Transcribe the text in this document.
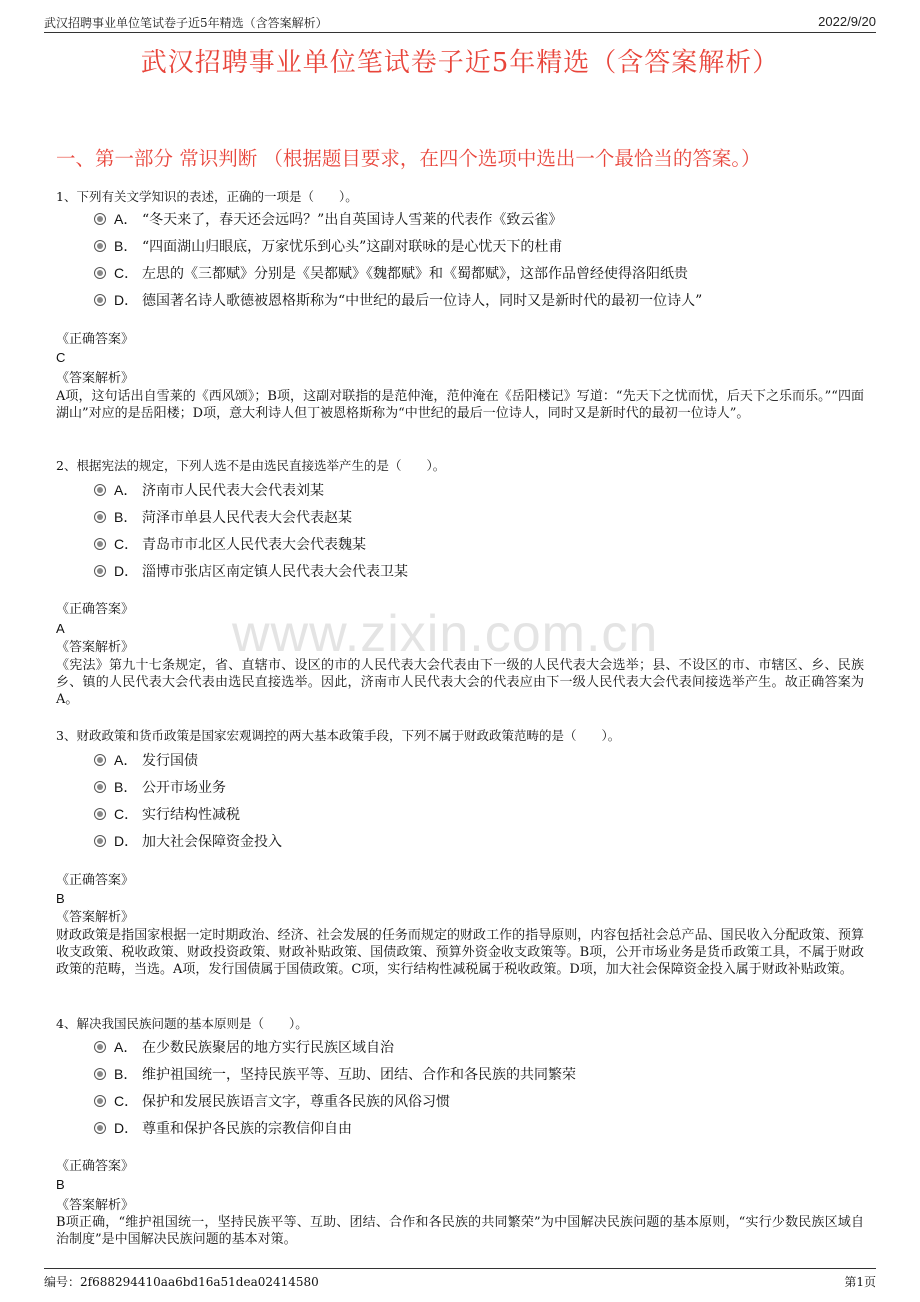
武汉招聘事业单位笔试卷子近5年精选（含答案解析）	2022/9/20
武汉招聘事业单位笔试卷子近5年精选（含答案解析）
一、第一部分 常识判断 （根据题目要求，在四个选项中选出一个最恰当的答案。）
www.zixin.com.cn
1、下列有关文学知识的表述，正确的一项是（　　）。
A． “冬天来了，春天还会远吗？”出自英国诗人雪莱的代表作《致云雀》
B． “四面湖山归眼底，万家忧乐到心头”这副对联咏的是心忧天下的杜甫
C． 左思的《三都赋》分别是《吴都赋》《魏都赋》和《蜀都赋》，这部作品曾经使得洛阳纸贵
D． 德国著名诗人歌德被恩格斯称为“中世纪的最后一位诗人，同时又是新时代的最初一位诗人”
《正确答案》
C
《答案解析》
A项，这句话出自雪莱的《西风颂》；B项，这副对联指的是范仲淹，范仲淹在《岳阳楼记》写道：“先天下之忧而忧，后天下之乐而乐。”“四面湖山”对应的是岳阳楼；D项，意大利诗人但丁被恩格斯称为“中世纪的最后一位诗人，同时又是新时代的最初一位诗人”。
2、根据宪法的规定，下列人选不是由选民直接选举产生的是（　　）。
A． 济南市人民代表大会代表刘某
B． 菏泽市单县人民代表大会代表赵某
C． 青岛市市北区人民代表大会代表魏某
D． 淄博市张店区南定镇人民代表大会代表卫某
《正确答案》
A
《答案解析》
《宪法》第九十七条规定，省、直辖市、设区的市的人民代表大会代表由下一级的人民代表大会选举；县、不设区的市、市辖区、乡、民族乡、镇的人民代表大会代表由选民直接选举。因此，济南市人民代表大会的代表应由下一级人民代表大会代表间接选举产生。故正确答案为A。
3、财政政策和货币政策是国家宏观调控的两大基本政策手段，下列不属于财政政策范畴的是（　　）。
A． 发行国债
B． 公开市场业务
C． 实行结构性减税
D． 加大社会保障资金投入
《正确答案》
B
《答案解析》
财政政策是指国家根据一定时期政治、经济、社会发展的任务而规定的财政工作的指导原则，内容包括社会总产品、国民收入分配政策、预算收支政策、税收政策、财政投资政策、财政补贴政策、国债政策、预算外资金收支政策等。B项，公开市场业务是货币政策工具，不属于财政政策的范畴，当选。A项，发行国债属于国债政策。C项，实行结构性减税属于税收政策。D项，加大社会保障资金投入属于财政补贴政策。
4、解决我国民族问题的基本原则是（　　）。
A． 在少数民族聚居的地方实行民族区域自治
B． 维护祖国统一，坚持民族平等、互助、团结、合作和各民族的共同繁荣
C． 保护和发展民族语言文字，尊重各民族的风俗习惯
D． 尊重和保护各民族的宗教信仰自由
《正确答案》
B
《答案解析》
B项正确，“维护祖国统一，坚持民族平等、互助、团结、合作和各民族的共同繁荣”为中国解决民族问题的基本原则，“实行少数民族区域自治制度”是中国解决民族问题的基本对策。
编号：2f688294410aa6bd16a51dea02414580	第1页
